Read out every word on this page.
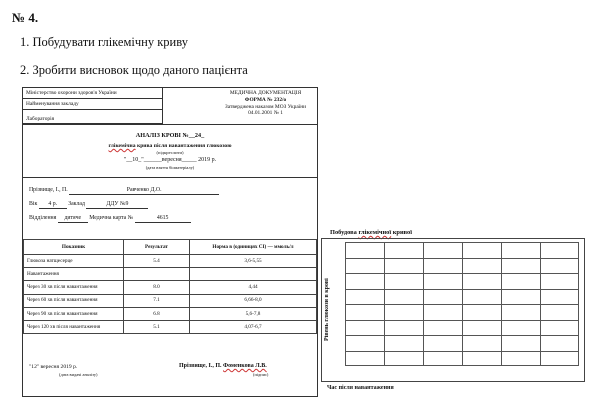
№ 4.
1. Побудувати глікемічну криву
2. Зробити висновок щодо даного пацієнта
Міністерство охорони здоров'я України
Найменування закладу
Лабораторія
МЕДИЧНА ДОКУМЕНТАЦІЯ
ФОРМА № 232/о
Затверджена наказом МОЗ України
04.01.2001 № 1
АНАЛІЗ КРОВІ №__24_
глікемічна крива після навантаження глюкозою
(підкреслити)
"__10_"______вересня_____ 2019 р.
(дата взяття біоматеріалу)
Прізвище, І., П.	Равченко Д.О.
Вік 4 р. Заклад	ДДУ №9
Відділення дитяче Медична карта №	4615
Показник	Результат	Норма в (одиницях СІ) — ммоль/л
Глюкоза натщесерце	5.4	3,6-5,55
Навантаження		
Через 30 хв після навантаження	8.0	4,44
Через 60 хв після навантаження	7.1	6,66-8,0
Через 90 хв після навантаження	6.8	5,6-7,8
Через 120 хв після навантаження	5.1	4,07-6,7
"12" вересня 2019 р.
(дата видачі аналізу)
Прізвище, І., П. Фоменкова Л.В.
(підпис)
Побудова глікемічної кривої
Рівень глюкози в крові
Час після навантаження
